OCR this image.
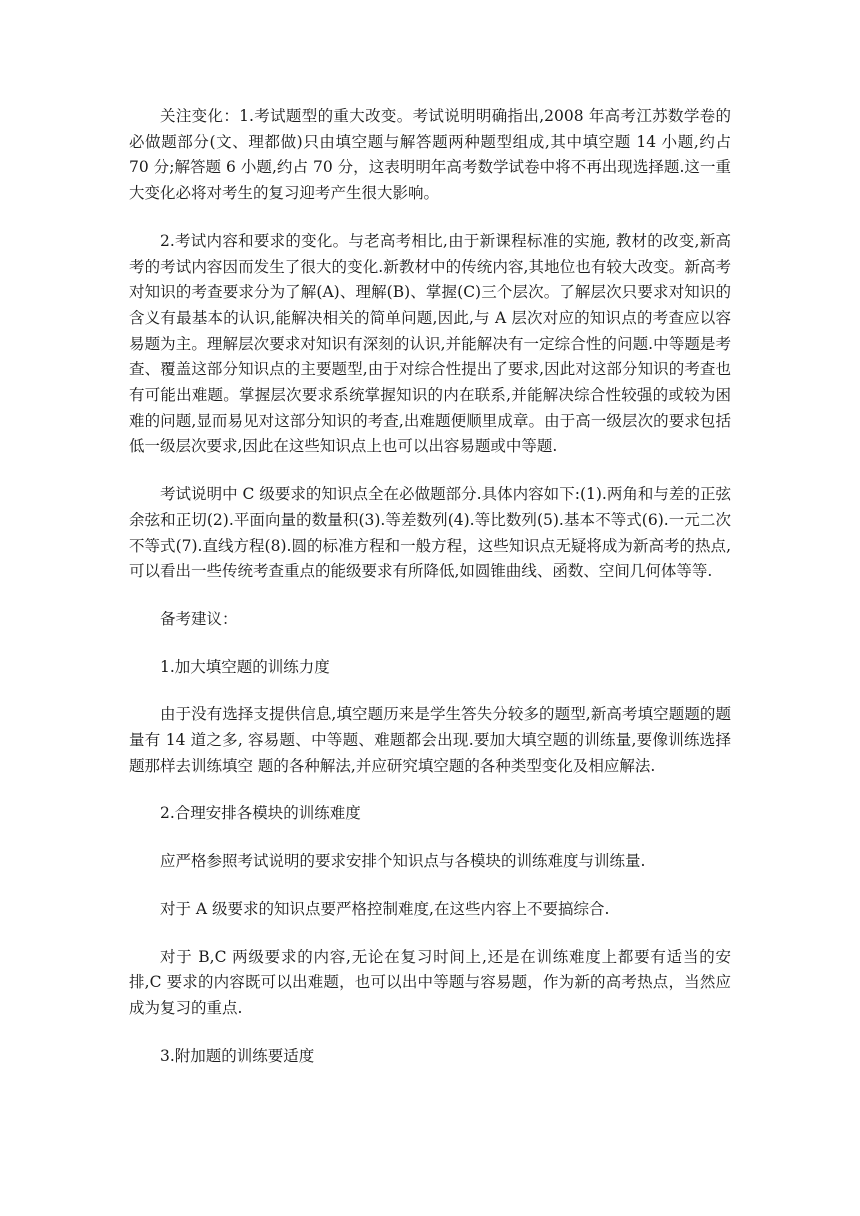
关注变化：1.考试题型的重大改变。考试说明明确指出,2008 年高考江苏数学卷的必做题部分(文、理都做)只由填空题与解答题两种题型组成,其中填空题 14 小题,约占 70 分;解答题 6 小题,约占 70 分，这表明明年高考数学试卷中将不再出现选择题.这一重大变化必将对考生的复习迎考产生很大影响。

2.考试内容和要求的变化。与老高考相比,由于新课程标准的实施, 教材的改变,新高考的考试内容因而发生了很大的变化.新教材中的传统内容,其地位也有较大改变。新高考对知识的考查要求分为了解(A)、理解(B)、掌握(C)三个层次。了解层次只要求对知识的含义有最基本的认识,能解决相关的简单问题,因此,与 A 层次对应的知识点的考查应以容易题为主。理解层次要求对知识有深刻的认识,并能解决有一定综合性的问题.中等题是考查、覆盖这部分知识点的主要题型,由于对综合性提出了要求,因此对这部分知识的考查也有可能出难题。掌握层次要求系统掌握知识的内在联系,并能解决综合性较强的或较为困难的问题,显而易见对这部分知识的考查,出难题便顺里成章。由于高一级层次的要求包括低一级层次要求,因此在这些知识点上也可以出容易题或中等题.

考试说明中 C 级要求的知识点全在必做题部分.具体内容如下:(1).两角和与差的正弦余弦和正切(2).平面向量的数量积(3).等差数列(4).等比数列(5).基本不等式(6).一元二次不等式(7).直线方程(8).圆的标准方程和一般方程，这些知识点无疑将成为新高考的热点,可以看出一些传统考查重点的能级要求有所降低,如圆锥曲线、函数、空间几何体等等.

备考建议：

1.加大填空题的训练力度

由于没有选择支提供信息,填空题历来是学生答失分较多的题型,新高考填空题题的题量有 14 道之多, 容易题、中等题、难题都会出现.要加大填空题的训练量,要像训练选择题那样去训练填空 题的各种解法,并应研究填空题的各种类型变化及相应解法.

2.合理安排各模块的训练难度

应严格参照考试说明的要求安排个知识点与各模块的训练难度与训练量.

对于 A 级要求的知识点要严格控制难度,在这些内容上不要搞综合.

对于 B,C 两级要求的内容,无论在复习时间上,还是在训练难度上都要有适当的安排,C 要求的内容既可以出难题，也可以出中等题与容易题，作为新的高考热点，当然应成为复习的重点.

3.附加题的训练要适度
